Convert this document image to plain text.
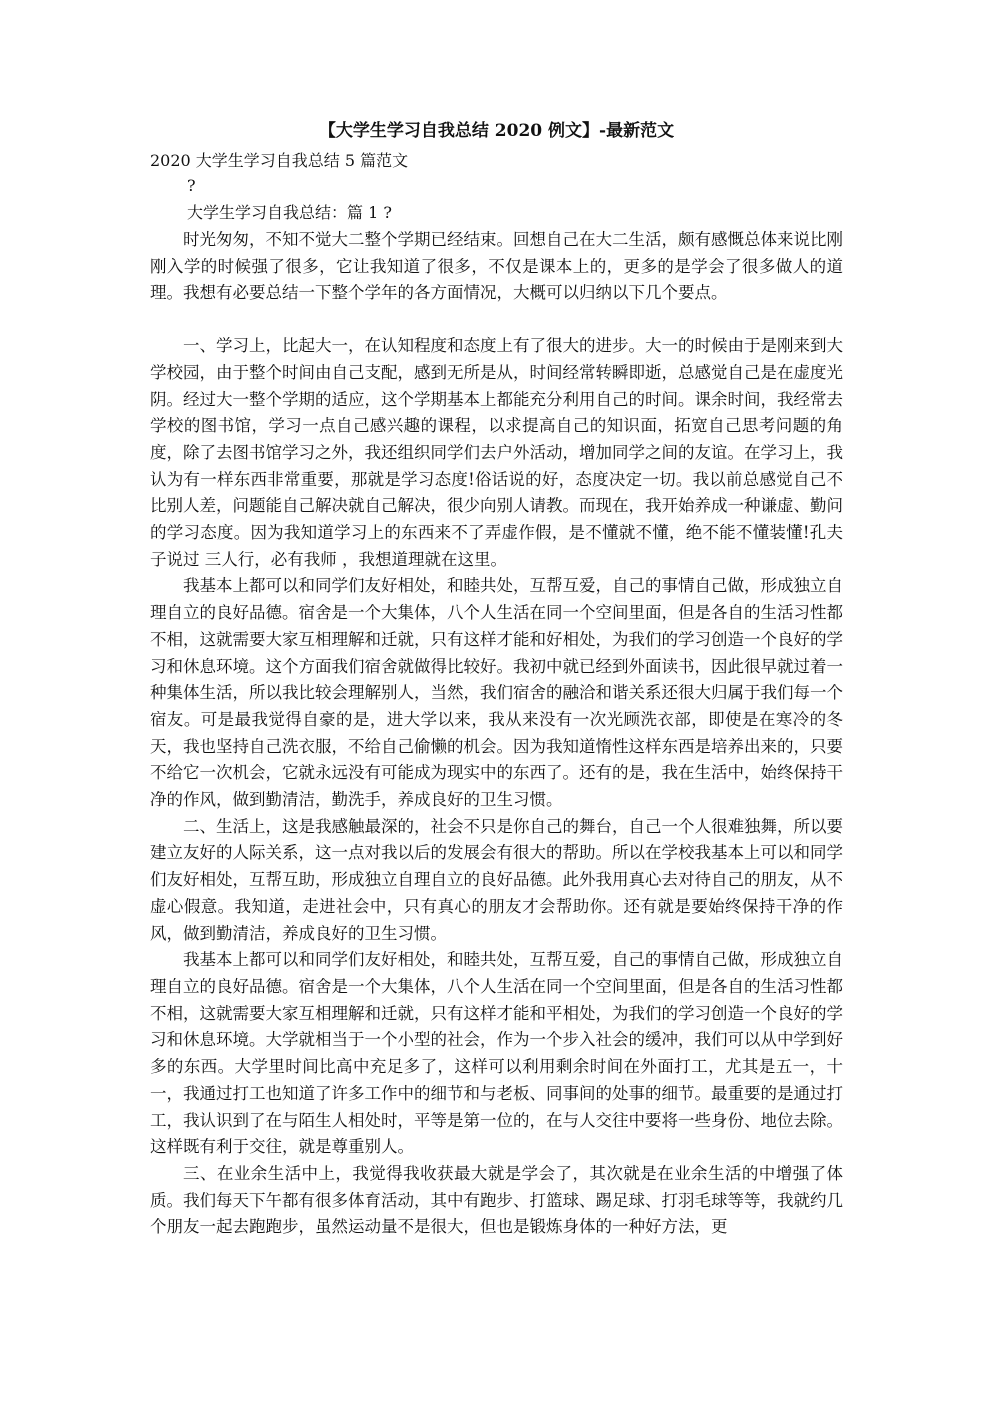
【大学生学习自我总结 2020 例文】-最新范文
2020 大学生学习自我总结 5 篇范文
?
大学生学习自我总结：篇 1 ?

时光匆匆，不知不觉大二整个学期已经结束。回想自己在大二生活，颇有感慨总体来说比刚刚入学的时候强了很多，它让我知道了很多，不仅是课本上的，更多的是学会了很多做人的道理。我想有必要总结一下整个学年的各方面情况，大概可以归纳以下几个要点。

一、学习上，比起大一，在认知程度和态度上有了很大的进步。大一的时候由于是刚来到大学校园，由于整个时间由自己支配，感到无所是从，时间经常转瞬即逝，总感觉自己是在虚度光阴。经过大一整个学期的适应，这个学期基本上都能充分利用自己的时间。课余时间，我经常去学校的图书馆，学习一点自己感兴趣的课程，以求提高自己的知识面，拓宽自己思考问题的角度，除了去图书馆学习之外，我还组织同学们去户外活动，增加同学之间的友谊。在学习上，我认为有一样东西非常重要，那就是学习态度!俗话说的好，态度决定一切。我以前总感觉自己不比别人差，问题能自己解决就自己解决，很少向别人请教。而现在，我开始养成一种谦虚、勤问的学习态度。因为我知道学习上的东西来不了弄虚作假，是不懂就不懂，绝不能不懂装懂!孔夫子说过 三人行，必有我师 ，我想道理就在这里。

我基本上都可以和同学们友好相处，和睦共处，互帮互爱，自己的事情自己做，形成独立自理自立的良好品德。宿舍是一个大集体，八个人生活在同一个空间里面，但是各自的生活习性都不相，这就需要大家互相理解和迁就，只有这样才能和好相处，为我们的学习创造一个良好的学习和休息环境。这个方面我们宿舍就做得比较好。我初中就已经到外面读书，因此很早就过着一种集体生活，所以我比较会理解别人，当然，我们宿舍的融洽和谐关系还很大归属于我们每一个宿友。可是最我觉得自豪的是，进大学以来，我从来没有一次光顾洗衣部，即使是在寒冷的冬天，我也坚持自己洗衣服，不给自己偷懒的机会。因为我知道惰性这样东西是培养出来的，只要不给它一次机会，它就永远没有可能成为现实中的东西了。还有的是，我在生活中，始终保持干净的作风，做到勤清洁，勤洗手，养成良好的卫生习惯。

二、生活上，这是我感触最深的，社会不只是你自己的舞台，自己一个人很难独舞，所以要建立友好的人际关系，这一点对我以后的发展会有很大的帮助。所以在学校我基本上可以和同学们友好相处，互帮互助，形成独立自理自立的良好品德。此外我用真心去对待自己的朋友，从不虚心假意。我知道，走进社会中，只有真心的朋友才会帮助你。还有就是要始终保持干净的作风，做到勤清洁，养成良好的卫生习惯。

我基本上都可以和同学们友好相处，和睦共处，互帮互爱，自己的事情自己做，形成独立自理自立的良好品德。宿舍是一个大集体，八个人生活在同一个空间里面，但是各自的生活习性都不相，这就需要大家互相理解和迁就，只有这样才能和平相处，为我们的学习创造一个良好的学习和休息环境。大学就相当于一个小型的社会，作为一个步入社会的缓冲，我们可以从中学到好多的东西。大学里时间比高中充足多了，这样可以利用剩余时间在外面打工，尤其是五一，十一，我通过打工也知道了许多工作中的细节和与老板、同事间的处事的细节。最重要的是通过打工，我认识到了在与陌生人相处时，平等是第一位的，在与人交往中要将一些身份、地位去除。这样既有利于交往，就是尊重别人。

三、在业余生活中上，我觉得我收获最大就是学会了，其次就是在业余生活的中增强了体质。我们每天下午都有很多体育活动，其中有跑步、打篮球、踢足球、打羽毛球等等，我就约几个朋友一起去跑跑步，虽然运动量不是很大，但也是锻炼身体的一种好方法，更
